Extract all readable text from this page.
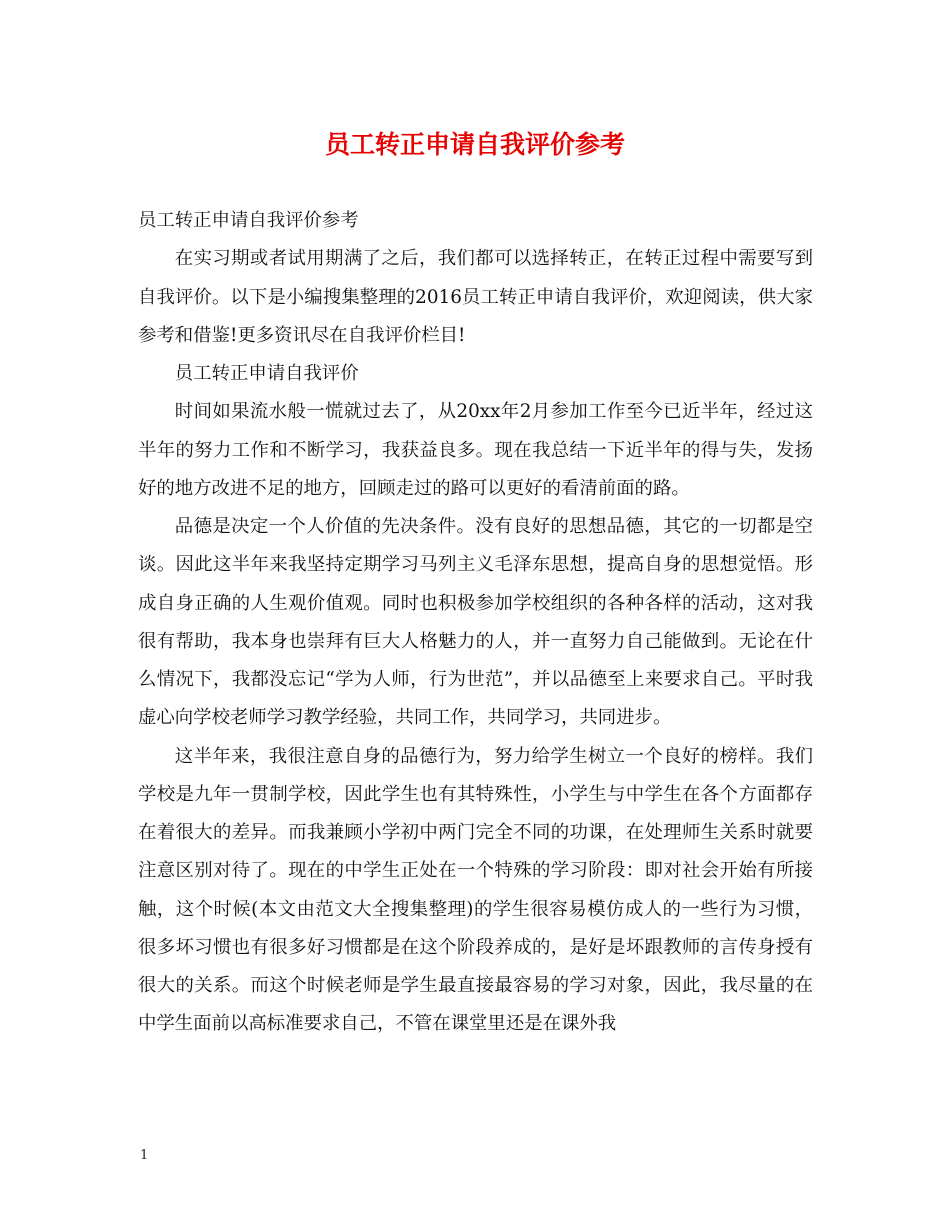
员工转正申请自我评价参考

员工转正申请自我评价参考

在实习期或者试用期满了之后，我们都可以选择转正，在转正过程中需要写到自我评价。以下是小编搜集整理的2016员工转正申请自我评价，欢迎阅读，供大家参考和借鉴!更多资讯尽在自我评价栏目!

员工转正申请自我评价

时间如果流水般一慌就过去了，从20xx年2月参加工作至今已近半年，经过这半年的努力工作和不断学习，我获益良多。现在我总结一下近半年的得与失，发扬好的地方改进不足的地方，回顾走过的路可以更好的看清前面的路。

品德是决定一个人价值的先决条件。没有良好的思想品德，其它的一切都是空谈。因此这半年来我坚持定期学习马列主义毛泽东思想，提高自身的思想觉悟。形成自身正确的人生观价值观。同时也积极参加学校组织的各种各样的活动，这对我很有帮助，我本身也崇拜有巨大人格魅力的人，并一直努力自己能做到。无论在什么情况下，我都没忘记“学为人师，行为世范”，并以品德至上来要求自己。平时我虚心向学校老师学习教学经验，共同工作，共同学习，共同进步。

这半年来，我很注意自身的品德行为，努力给学生树立一个良好的榜样。我们学校是九年一贯制学校，因此学生也有其特殊性，小学生与中学生在各个方面都存在着很大的差异。而我兼顾小学初中两门完全不同的功课，在处理师生关系时就要注意区别对待了。现在的中学生正处在一个特殊的学习阶段：即对社会开始有所接触，这个时候(本文由范文大全搜集整理)的学生很容易模仿成人的一些行为习惯，很多坏习惯也有很多好习惯都是在这个阶段养成的，是好是坏跟教师的言传身授有很大的关系。而这个时候老师是学生最直接最容易的学习对象，因此，我尽量的在中学生面前以高标准要求自己，不管在课堂里还是在课外我

1
